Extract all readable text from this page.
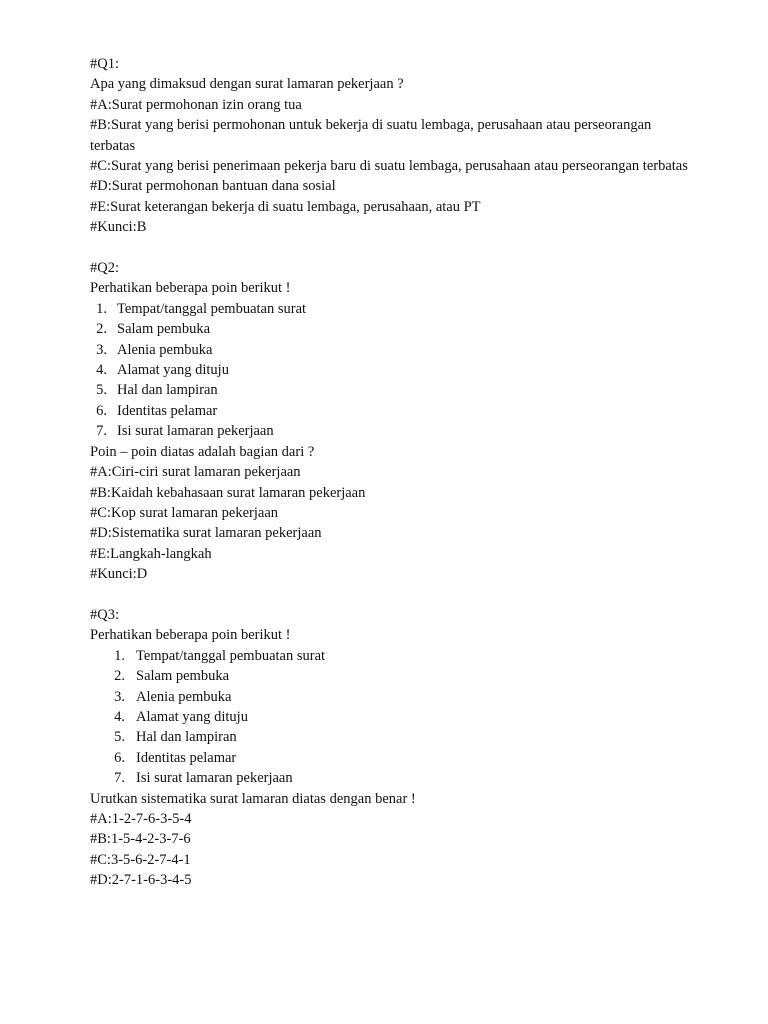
#Q1:
Apa yang dimaksud dengan surat lamaran pekerjaan ?
#A:Surat permohonan izin orang tua
#B:Surat yang berisi permohonan untuk bekerja di suatu lembaga, perusahaan atau perseorangan terbatas
#C:Surat yang berisi penerimaan pekerja baru di suatu lembaga, perusahaan atau perseorangan terbatas
#D:Surat permohonan bantuan dana sosial
#E:Surat keterangan bekerja di suatu lembaga, perusahaan, atau PT
#Kunci:B
#Q2:
Perhatikan beberapa poin berikut !
1. Tempat/tanggal pembuatan surat
2. Salam pembuka
3. Alenia pembuka
4. Alamat yang dituju
5. Hal dan lampiran
6. Identitas pelamar
7. Isi surat lamaran pekerjaan
Poin – poin diatas adalah bagian dari ?
#A:Ciri-ciri surat lamaran pekerjaan
#B:Kaidah kebahasaan surat lamaran pekerjaan
#C:Kop surat lamaran pekerjaan
#D:Sistematika surat lamaran pekerjaan
#E:Langkah-langkah
#Kunci:D
#Q3:
Perhatikan beberapa poin berikut !
1. Tempat/tanggal pembuatan surat
2. Salam pembuka
3. Alenia pembuka
4. Alamat yang dituju
5. Hal dan lampiran
6. Identitas pelamar
7. Isi surat lamaran pekerjaan
Urutkan sistematika surat lamaran diatas dengan benar !
#A:1-2-7-6-3-5-4
#B:1-5-4-2-3-7-6
#C:3-5-6-2-7-4-1
#D:2-7-1-6-3-4-5
